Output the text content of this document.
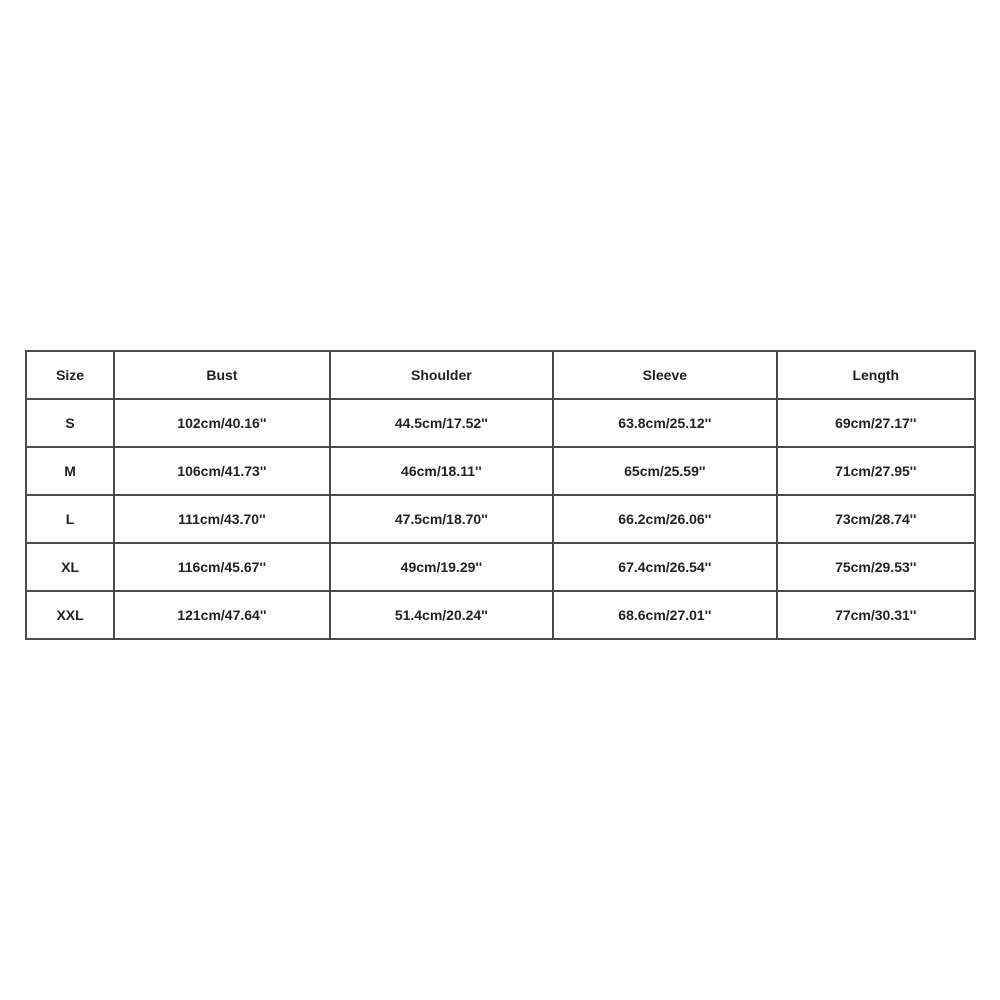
Size	Bust	Shoulder	Sleeve	Length
S	102cm/40.16''	44.5cm/17.52''	63.8cm/25.12''	69cm/27.17''
M	106cm/41.73''	46cm/18.11''	65cm/25.59''	71cm/27.95''
L	111cm/43.70''	47.5cm/18.70''	66.2cm/26.06''	73cm/28.74''
XL	116cm/45.67''	49cm/19.29''	67.4cm/26.54''	75cm/29.53''
XXL	121cm/47.64''	51.4cm/20.24''	68.6cm/27.01''	77cm/30.31''
